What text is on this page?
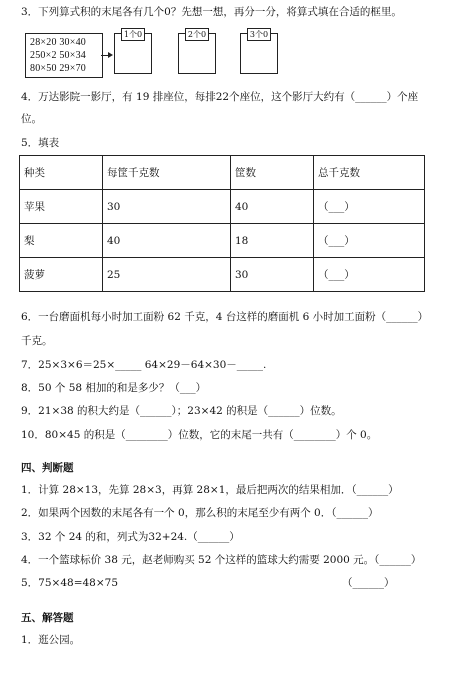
3．下列算式积的末尾各有几个0？先想一想，再分一分，将算式填在合适的框里。
28×20 30×40
250×2 50×34
80×50 29×70
1个0	2个0	3个0
4．万达影院一影厅，有 19 排座位，每排22个座位，这个影厅大约有（______）个座
位。
5．填表
种类	每筐千克数	筐数	总千克数
苹果	30	40	（___）
梨	40	18	（___）
菠萝	25	30	（___）
6．一台磨面机每小时加工面粉 62 千克，4 台这样的磨面机 6 小时加工面粉（______）
千克。
7．25×3×6＝25×_____ 64×29－64×30－_____.
8．50 个 58 相加的和是多少？（___）
9．21×38 的积大约是（______）；23×42 的积是（______）位数。
10．80×45 的积是（________）位数，它的末尾一共有（________）个 0。
四、判断题
1．计算 28×13，先算 28×3，再算 28×1，最后把两次的结果相加．（______）
2．如果两个因数的末尾各有一个 0，那么积的末尾至少有两个 0．（______）
3．32 个 24 的和，列式为32+24.（______）
4．一个篮球标价 38 元，赵老师购买 52 个这样的篮球大约需要 2000 元。（______）
5．75×48=48×75	（______）
五、解答题
1．逛公园。
